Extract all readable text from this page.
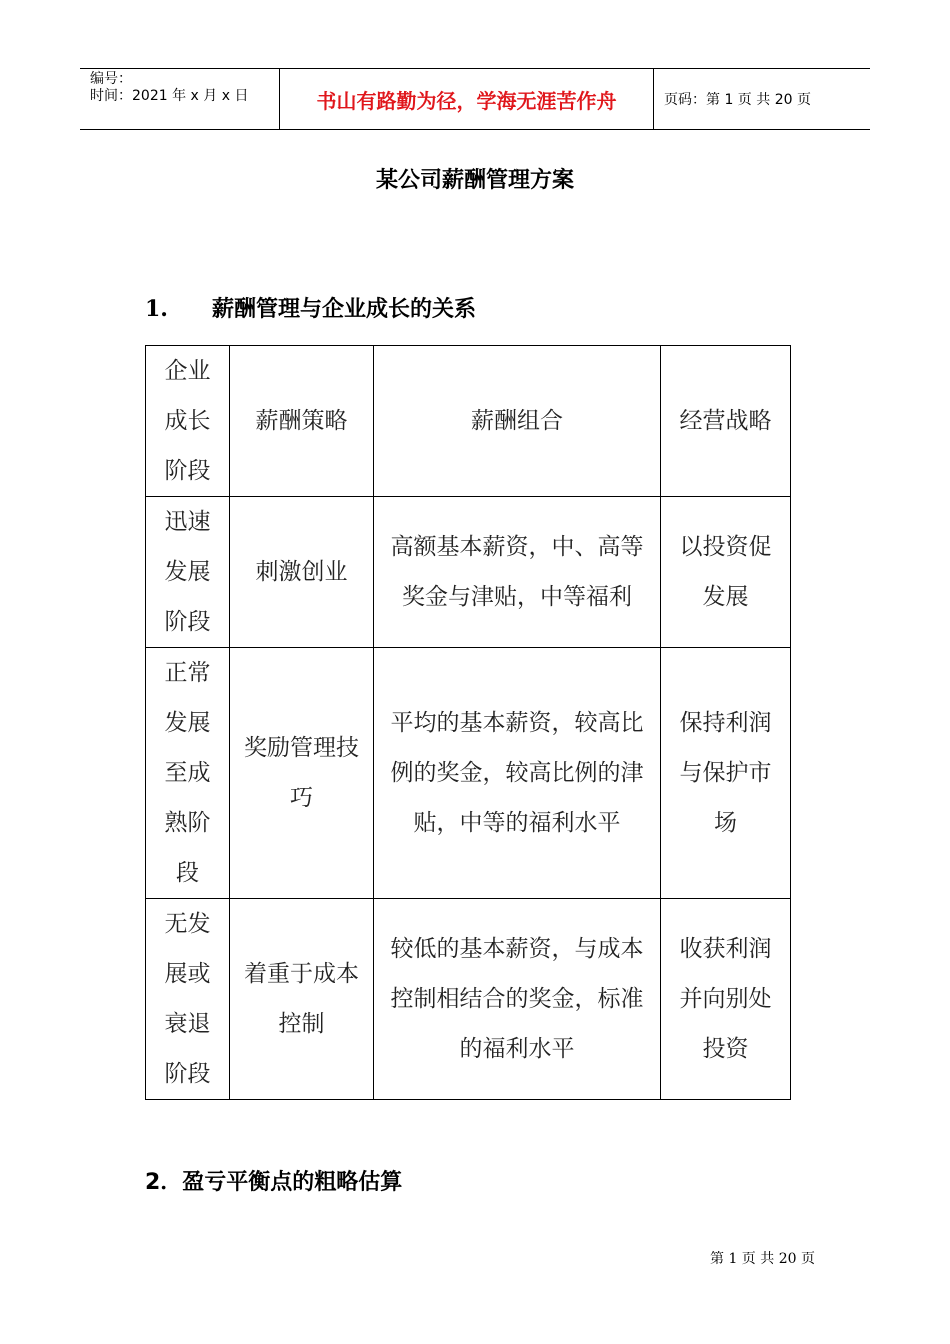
编号：
时间：2021 年 x 月 x 日	书山有路勤为径，学海无涯苦作舟	页码：第 1 页 共 20 页
某公司薪酬管理方案
1. 薪酬管理与企业成长的关系
企业成长阶段	薪酬策略	薪酬组合	经营战略
迅速发展阶段	刺激创业	高额基本薪资，中、高等奖金与津贴，中等福利	以投资促发展
正常发展至成熟阶段	奖励管理技巧	平均的基本薪资，较高比例的奖金，较高比例的津贴，中等的福利水平	保持利润与保护市场
无发展或衰退阶段	着重于成本控制	较低的基本薪资，与成本控制相结合的奖金，标准的福利水平	收获利润并向别处投资
2．盈亏平衡点的粗略估算
第 1 页 共 20 页
